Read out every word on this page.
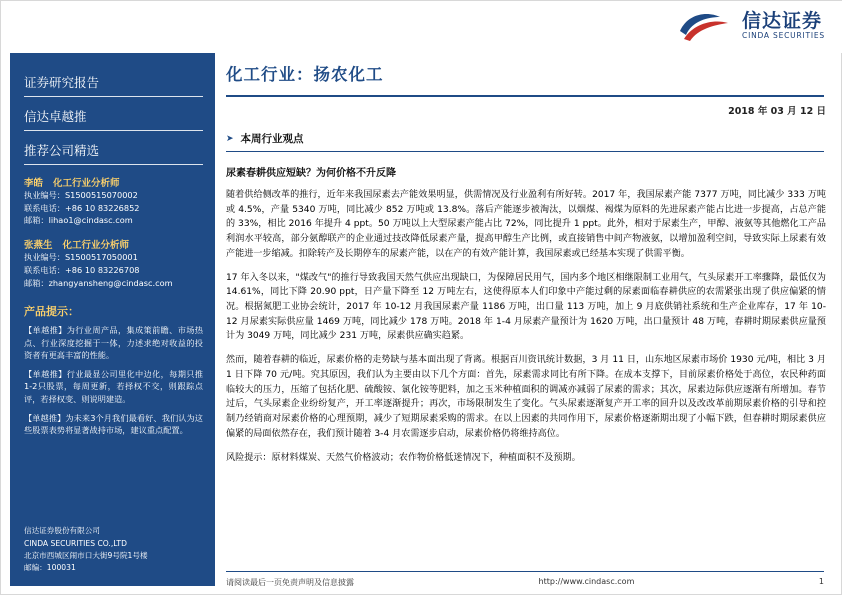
信达证券
CINDA SECURITIES
证券研究报告
信达卓越推
推荐公司精选
李皓 化工行业分析师
执业编号：S1500515070002
联系电话：+86 10 83226852
邮箱：lihao1@cindasc.com
张燕生 化工行业分析师
执业编号：S1500517050001
联系电话：+86 10 83226708
邮箱：zhangyansheng@cindasc.com
产品提示：
【单越推】为行业周产品，集成策前瞻、市场热点、行业深度挖掘于一体，力述求绝对收益的投资者有更高丰富的性能。
【单越推】行业最显公司里化中边化，每期只推1-2只股票，每周更新，若择权不交，则跟踪点评，若择权变、则说明建造。
【单越推】为未来3个月我们最看好、我们认为这些股票表势将显著战持市场，建议重点配置。
信达证券股份有限公司
CINDA SECURITIES CO.,LTD
北京市西城区闹市口大街9号院1号楼
邮编：100031
化工行业：扬农化工
2018 年 03 月 12 日
➤ 本周行业观点
尿素春耕供应短缺？为何价格不升反降
随着供给侧改革的推行，近年来我国尿素去产能效果明显，供需情况及行业盈利有所好转。2017 年，我国尿素产能 7377 万吨，同比减少 333 万吨或 4.5%，产量 5340 万吨，同比减少 852 万吨或 13.8%。落后产能逐步被淘汰，以烟煤、褐煤为原料的先进尿素产能占比进一步提高，占总产能的 33%，相比 2016 年提升 4 ppt。50 万吨以上大型尿素产能占比 72%，同比提升 1 ppt。此外，相对于尿素生产，甲醇、液氨等其他燃化工产品利润水平较高，部分氨醇联产的企业通过技改降低尿素产量，提高甲醇生产比例，或直接销售中间产物液氨，以增加盈利空间，导致实际上尿素有效产能进一步缩减。扣除转产及长期停车的尿素产能，以在产的有效产能计算，我国尿素或已经基本实现了供需平衡。
17 年入冬以来，"煤改气"的推行导致我国天然气供应出现缺口，为保障居民用气，国内多个地区相继限制工业用气，气头尿素开工率骤降，最低仅为 14.61%，同比下降 20.90 ppt，日产量下降至 12 万吨左右，这使得原本人们印象中产能过剩的尿素面临春耕供应的农需紧张出现了供应偏紧的情况。根据氮肥工业协会统计，2017 年 10-12 月我国尿素产量 1186 万吨，出口量 113 万吨，加上 9 月底供销社系统和生产企业库存，17 年 10-12 月尿素实际供应量 1469 万吨，同比减少 178 万吨。2018 年 1-4 月尿素产量预计为 1620 万吨，出口量预计 48 万吨，春耕时期尿素供应量预计为 3049 万吨，同比减少 231 万吨，尿素供应确实趋紧。
然而，随着春耕的临近，尿素价格的走势缺与基本面出现了背离。根据百川资讯统计数据，3 月 11 日，山东地区尿素市场价 1930 元/吨，相比 3 月 1 日下降 70 元/吨。究其原因，我们认为主要由以下几个方面：首先，尿素需求同比有所下降。在成本支撑下，目前尿素价格处于高位，农民种药面临较大的压力，压缩了包括化肥、硫酸铵、氯化铵等肥料，加之玉米种植面积的调减亦减弱了尿素的需求；其次，尿素边际供应逐渐有所增加。春节过后，气头尿素企业纷纷复产，开工率逐渐提升；再次，市场限制发生了变化。气头尿素逐渐复产开工率的回升以及改改革前期尿素价格的引导和控制乃经销商对尿素价格的心理预期，减少了短期尿素采购的需求。在以上因素的共同作用下，尿素价格逐渐期出现了小幅下跌，但春耕时期尿素供应偏紧的局面依然存在，我们预计随着 3-4 月农需逐步启动，尿素价格仍将维持高位。
风险提示：原材料煤炭、天然气价格波动；农作物价格低迷情况下，种植面积不及预期。
请阅读最后一页免责声明及信息披露	http://www.cindasc.com	1
